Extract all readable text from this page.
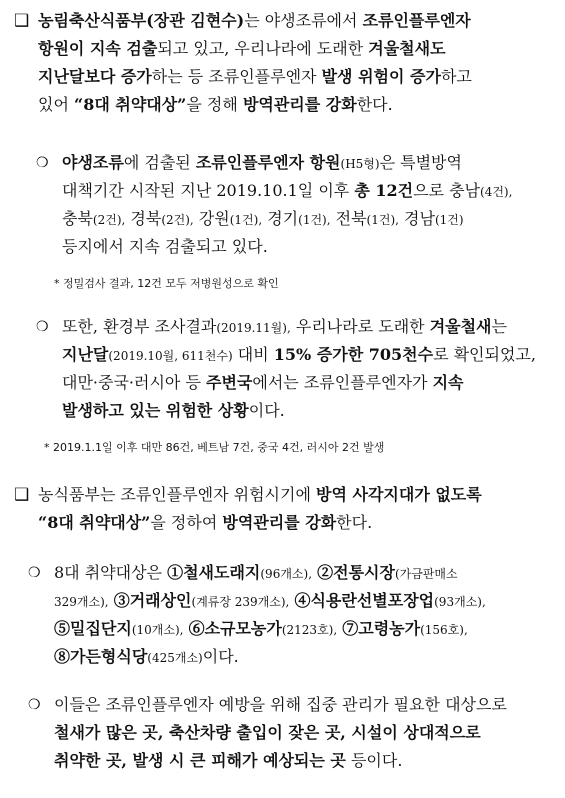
❑ 농림축산식품부(장관 김현수)는 야생조류에서 조류인플루엔자
항원이 지속 검출되고 있고, 우리나라에 도래한 겨울철새도
지난달보다 증가하는 등 조류인플루엔자 발생 위험이 증가하고
있어 “8대 취약대상”을 정해 방역관리를 강화한다.
❍ 야생조류에 검출된 조류인플루엔자 항원(H5형)은 특별방역
대책기간 시작된 지난 2019.10.1일 이후 총 12건으로 충남(4건),
충북(2건), 경북(2건), 강원(1건), 경기(1건), 전북(1건), 경남(1건)
등지에서 지속 검출되고 있다.
* 정밀검사 결과, 12건 모두 저병원성으로 확인
❍ 또한, 환경부 조사결과(2019.11월), 우리나라로 도래한 겨울철새는
지난달(2019.10월, 611천수) 대비 15% 증가한 705천수로 확인되었고,
대만·중국·러시아 등 주변국에서는 조류인플루엔자가 지속
발생하고 있는 위험한 상황이다.
* 2019.1.1일 이후 대만 86건, 베트남 7건, 중국 4건, 러시아 2건 발생
❑ 농식품부는 조류인플루엔자 위험시기에 방역 사각지대가 없도록
“8대 취약대상”을 정하여 방역관리를 강화한다.
❍ 8대 취약대상은 ①철새도래지(96개소), ②전통시장(가금판매소
329개소), ③거래상인(계류장 239개소), ④식용란선별포장업(93개소),
⑤밀집단지(10개소), ⑥소규모농가(2123호), ⑦고령농가(156호),
⑧가든형식당(425개소)이다.
❍ 이들은 조류인플루엔자 예방을 위해 집중 관리가 필요한 대상으로
철새가 많은 곳, 축산차량 출입이 잦은 곳, 시설이 상대적으로
취약한 곳, 발생 시 큰 피해가 예상되는 곳 등이다.
